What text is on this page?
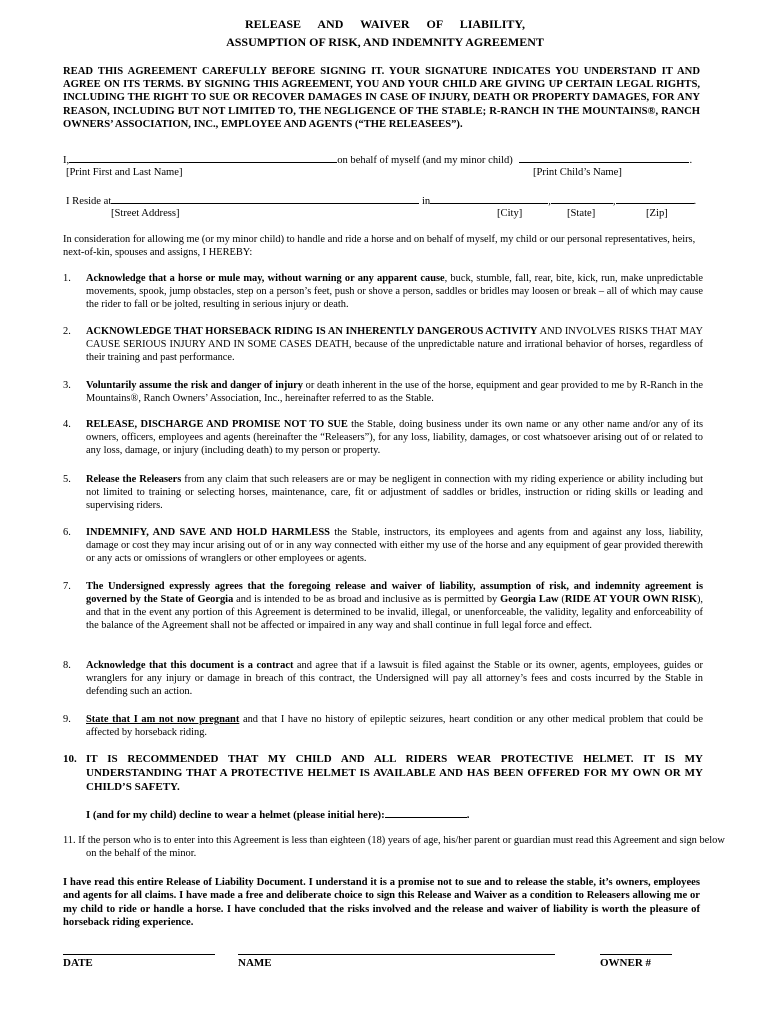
RELEASE AND WAIVER OF LIABILITY,
ASSUMPTION OF RISK, AND INDEMNITY AGREEMENT
READ THIS AGREEMENT CAREFULLY BEFORE SIGNING IT. YOUR SIGNATURE INDICATES YOU UNDERSTAND IT AND AGREE ON ITS TERMS. BY SIGNING THIS AGREEMENT, YOU AND YOUR CHILD ARE GIVING UP CERTAIN LEGAL RIGHTS, INCLUDING THE RIGHT TO SUE OR RECOVER DAMAGES IN CASE OF INJURY, DEATH OR PROPERTY DAMAGES, FOR ANY REASON, INCLUDING BUT NOT LIMITED TO, THE NEGLIGENCE OF THE STABLE; R-RANCH IN THE MOUNTAINS®, RANCH OWNERS’ ASSOCIATION, INC., EMPLOYEE AND AGENTS (“THE RELEASEES”).
I,	on behalf of myself (and my minor child)	.
[Print First and Last Name]	[Print Child’s Name]
I Reside at	in	,	,	.
[Street Address]	[City]	[State]	[Zip]
In consideration for allowing me (or my minor child) to handle and ride a horse and on behalf of myself, my child or our personal representatives, heirs, next-of-kin, spouses and assigns, I HEREBY:
1. Acknowledge that a horse or mule may, without warning or any apparent cause, buck, stumble, fall, rear, bite, kick, run, make unpredictable movements, spook, jump obstacles, step on a person’s feet, push or shove a person, saddles or bridles may loosen or break – all of which may cause the rider to fall or be jolted, resulting in serious injury or death.
2. ACKNOWLEDGE THAT HORSEBACK RIDING IS AN INHERENTLY DANGEROUS ACTIVITY AND INVOLVES RISKS THAT MAY CAUSE SERIOUS INJURY AND IN SOME CASES DEATH, because of the unpredictable nature and irrational behavior of horses, regardless of their training and past performance.
3. Voluntarily assume the risk and danger of injury or death inherent in the use of the horse, equipment and gear provided to me by R-Ranch in the Mountains®, Ranch Owners’ Association, Inc., hereinafter referred to as the Stable.
4. RELEASE, DISCHARGE AND PROMISE NOT TO SUE the Stable, doing business under its own name or any other name and/or any of its owners, officers, employees and agents (hereinafter the “Releasers”), for any loss, liability, damages, or cost whatsoever arising out of or related to any loss, damage, or injury (including death) to my person or property.
5. Release the Releasers from any claim that such releasers are or may be negligent in connection with my riding experience or ability including but not limited to training or selecting horses, maintenance, care, fit or adjustment of saddles or bridles, instruction or riding skills or leading and supervising riders.
6. INDEMNIFY, AND SAVE AND HOLD HARMLESS the Stable, instructors, its employees and agents from and against any loss, liability, damage or cost they may incur arising out of or in any way connected with either my use of the horse and any equipment of gear provided therewith or any acts or omissions of wranglers or other employees or agents.
7. The Undersigned expressly agrees that the foregoing release and waiver of liability, assumption of risk, and indemnity agreement is governed by the State of Georgia and is intended to be as broad and inclusive as is permitted by Georgia Law (RIDE AT YOUR OWN RISK), and that in the event any portion of this Agreement is determined to be invalid, illegal, or unenforceable, the validity, legality and enforceability of the balance of the Agreement shall not be affected or impaired in any way and shall continue in full legal force and effect.
8. Acknowledge that this document is a contract and agree that if a lawsuit is filed against the Stable or its owner, agents, employees, guides or wranglers for any injury or damage in breach of this contract, the Undersigned will pay all attorney’s fees and costs incurred by the Stable in defending such an action.
9. State that I am not now pregnant and that I have no history of epileptic seizures, heart condition or any other medical problem that could be affected by horseback riding.
10. IT IS RECOMMENDED THAT MY CHILD AND ALL RIDERS WEAR PROTECTIVE HELMET. IT IS MY UNDERSTANDING THAT A PROTECTIVE HELMET IS AVAILABLE AND HAS BEEN OFFERED FOR MY OWN OR MY CHILD’S SAFETY.
I (and for my child) decline to wear a helmet (please initial here):	.
11. If the person who is to enter into this Agreement is less than eighteen (18) years of age, his/her parent or guardian must read this Agreement and sign below on the behalf of the minor.
I have read this entire Release of Liability Document. I understand it is a promise not to sue and to release the stable, it’s owners, employees and agents for all claims. I have made a free and deliberate choice to sign this Release and Waiver as a condition to Releasers allowing me or my child to ride or handle a horse. I have concluded that the risks involved and the release and waiver of liability is worth the pleasure of horseback riding experience.
DATE	NAME	OWNER #
